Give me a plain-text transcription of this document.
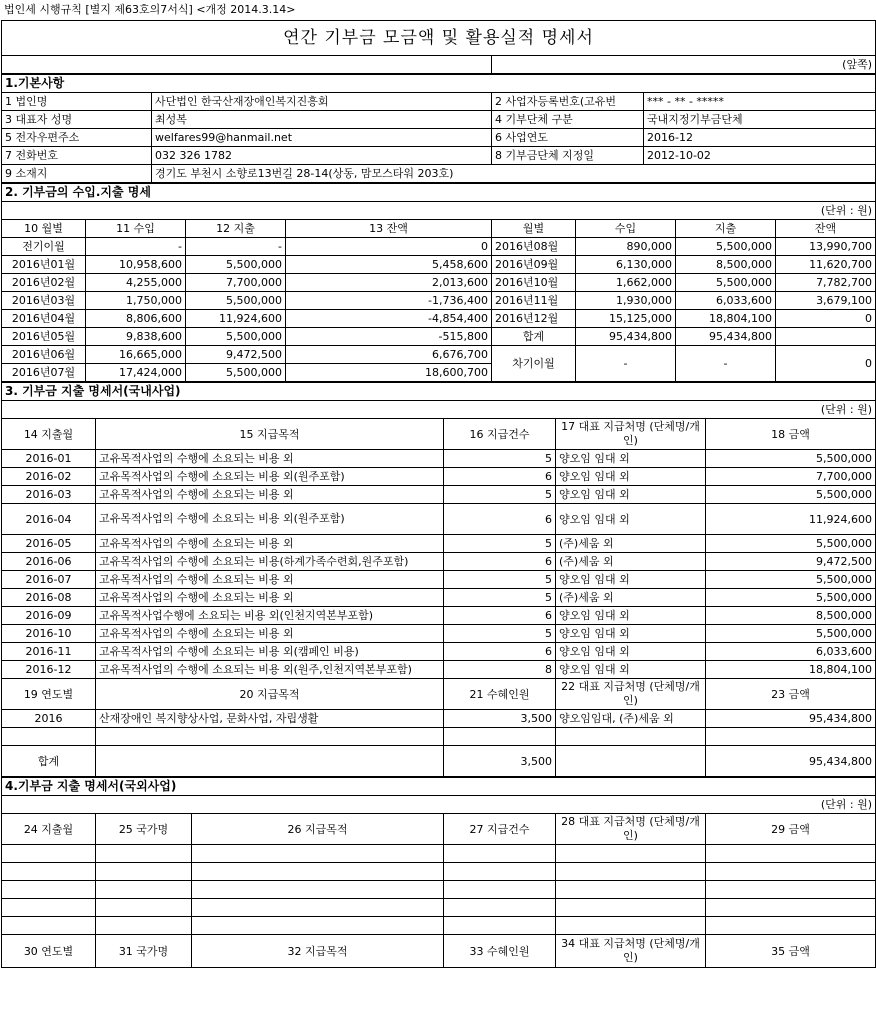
법인세 시행규칙 [별지 제63호의7서식] <개정 2014.3.14>
연간 기부금 모금액 및 활용실적 명세서
	(앞쪽)
1.기본사항			
1 법인명	사단법인 한국산재장애인복지진흥회	2 사업자등록번호(고유번	*** - ** - *****
3 대표자 성명	최성복	4 기부단체 구분	국내지정기부금단체
5 전자우편주소	welfares99@hanmail.net	6 사업연도	2016-12
7 전화번호	032 326 1782	8 기부금단체 지정일	2012-10-02
9 소재지	경기도 부천시 소향로13번길 28-14(상동, 맘모스타워 203호)		
2. 기부금의 수입.지출 명세							
(단위 : 원)							
10 월별	11 수입	12 지출	13 잔액	월별	수입	지출	잔액
전기이월	-	-	0	2016년08월	890,000	5,500,000	13,990,700
2016년01월	10,958,600	5,500,000	5,458,600	2016년09월	6,130,000	8,500,000	11,620,700
2016년02월	4,255,000	7,700,000	2,013,600	2016년10월	1,662,000	5,500,000	7,782,700
2016년03월	1,750,000	5,500,000	-1,736,400	2016년11월	1,930,000	6,033,600	3,679,100
2016년04월	8,806,600	11,924,600	-4,854,400	2016년12월	15,125,000	18,804,100	0
2016년05월	9,838,600	5,500,000	-515,800	합계	95,434,800	95,434,800	
2016년06월	16,665,000	9,472,500	6,676,700	차기이월	-	-	0
2016년07월	17,424,000	5,500,000	18,600,700				
3. 기부금 지출 명세서(국내사업)				
(단위 : 원)				
14 지출월	15 지급목적	16 지급건수	17 대표 지급처명 (단체명/개인)	18 금액
2016-01	고유목적사업의 수행에 소요되는 비용 외	5	양오임 임대 외	5,500,000
2016-02	고유목적사업의 수행에 소요되는 비용 외(원주포함)	6	양오임 임대 외	7,700,000
2016-03	고유목적사업의 수행에 소요되는 비용 외	5	양오임 임대 외	5,500,000
2016-04	고유목적사업의 수행에 소요되는 비용 외(원주포함)	6	양오임 임대 외	11,924,600
2016-05	고유목적사업의 수행에 소요되는 비용 외	5	(주)세움 외	5,500,000
2016-06	고유목적사업의 수행에 소요되는 비용(하계가족수련회,원주포함)	6	(주)세움 외	9,472,500
2016-07	고유목적사업의 수행에 소요되는 비용 외	5	양오임 임대 외	5,500,000
2016-08	고유목적사업의 수행에 소요되는 비용 외	5	(주)세움 외	5,500,000
2016-09	고유목적사업수행에 소요되는 비용 외(인천지역본부포함)	6	양오임 임대 외	8,500,000
2016-10	고유목적사업의 수행에 소요되는 비용 외	5	양오임 임대 외	5,500,000
2016-11	고유목적사업의 수행에 소요되는 비용 외(캠페인 비용)	6	양오임 임대 외	6,033,600
2016-12	고유목적사업의 수행에 소요되는 비용 외(원주,인천지역본부포함)	8	양오임 임대 외	18,804,100
19 연도별	20 지급목적	21 수혜인원	22 대표 지급처명 (단체명/개인)	23 금액
2016	산재장애인 복지향상사업, 문화사업, 자립생활	3,500	양오임임대, (주)세움 외	95,434,800

합계		3,500		95,434,800
4.기부금 지출 명세서(국외사업)					
(단위 : 원)					
24 지출월	25 국가명	26 지급목적	27 지급건수	28 대표 지급처명 (단체명/개인)	29 금액

30 연도별	31 국가명	32 지급목적	33 수혜인원	34 대표 지급처명 (단체명/개인)	35 금액
